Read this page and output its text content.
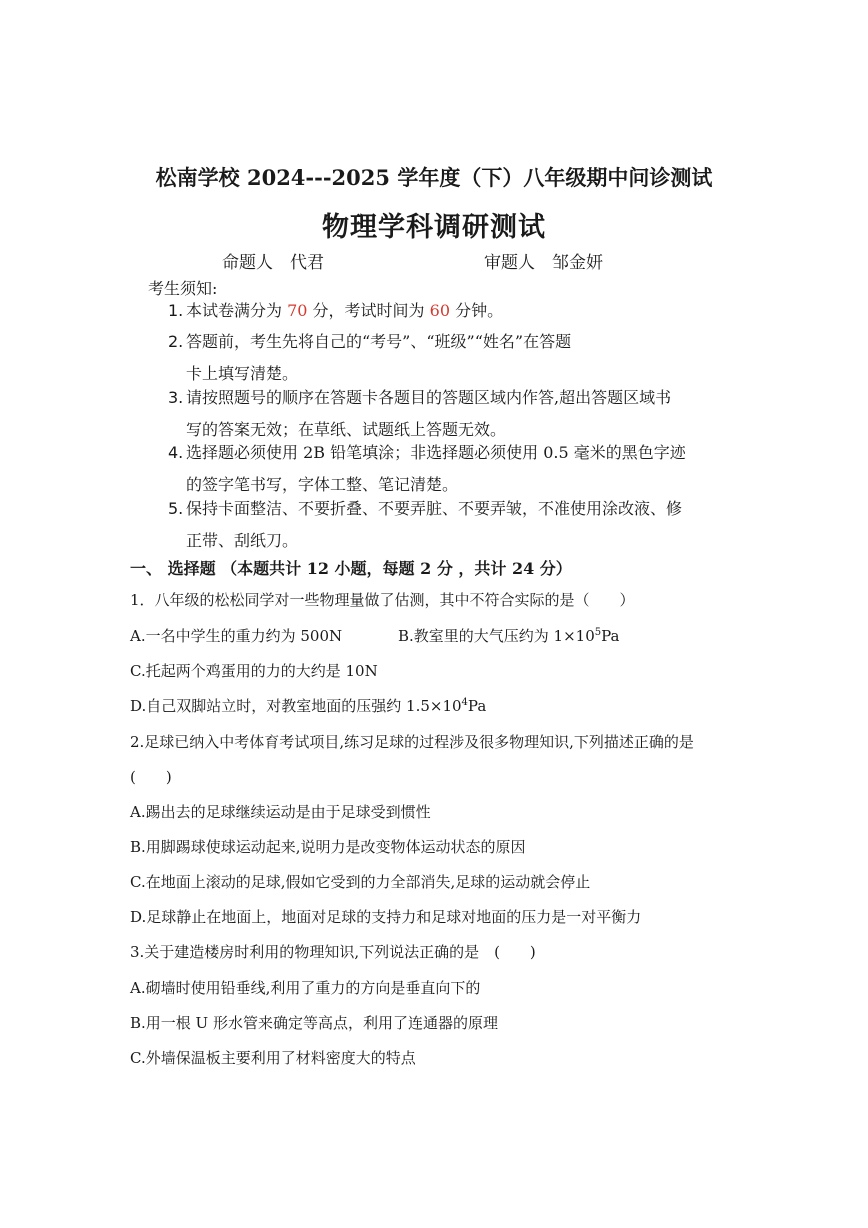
松南学校 2024---2025 学年度（下）八年级期中问诊测试
物理学科调研测试
命题人　代君	审题人　邹金妍
考生须知:
1. 本试卷满分为 70 分，考试时间为 60 分钟。
2. 答题前，考生先将自己的“考号”、“班级”“姓名”在答题
卡上填写清楚。
3. 请按照题号的顺序在答题卡各题目的答题区域内作答,超出答题区域书
写的答案无效；在草纸、试题纸上答题无效。
4. 选择题必须使用 2B 铅笔填涂；非选择题必须使用 0.5 毫米的黑色字迹
的签字笔书写，字体工整、笔记清楚。
5. 保持卡面整洁、不要折叠、不要弄脏、不要弄皱，不准使用涂改液、修
正带、刮纸刀。
一、 选择题 （本题共计 12 小题，每题 2 分 ，共计 24 分）
1．八年级的松松同学对一些物理量做了估测，其中不符合实际的是（　　）
A.一名中学生的重力约为 500N	B.教室里的大气压约为 $1\times 10^5Pa$
C.托起两个鸡蛋用的力的大约是 10N
D.自己双脚站立时，对教室地面的压强约 $1.5\times 10^4Pa$
2.足球已纳入中考体育考试项目,练习足球的过程涉及很多物理知识,下列描述正确的是
(　　)
A.踢出去的足球继续运动是由于足球受到惯性
B.用脚踢球使球运动起来,说明力是改变物体运动状态的原因
C.在地面上滚动的足球,假如它受到的力全部消失,足球的运动就会停止
D.足球静止在地面上，地面对足球的支持力和足球对地面的压力是一对平衡力
3.关于建造楼房时利用的物理知识,下列说法正确的是　(　　)
A.砌墙时使用铅垂线,利用了重力的方向是垂直向下的
B.用一根 U 形水管来确定等高点，利用了连通器的原理
C.外墙保温板主要利用了材料密度大的特点
